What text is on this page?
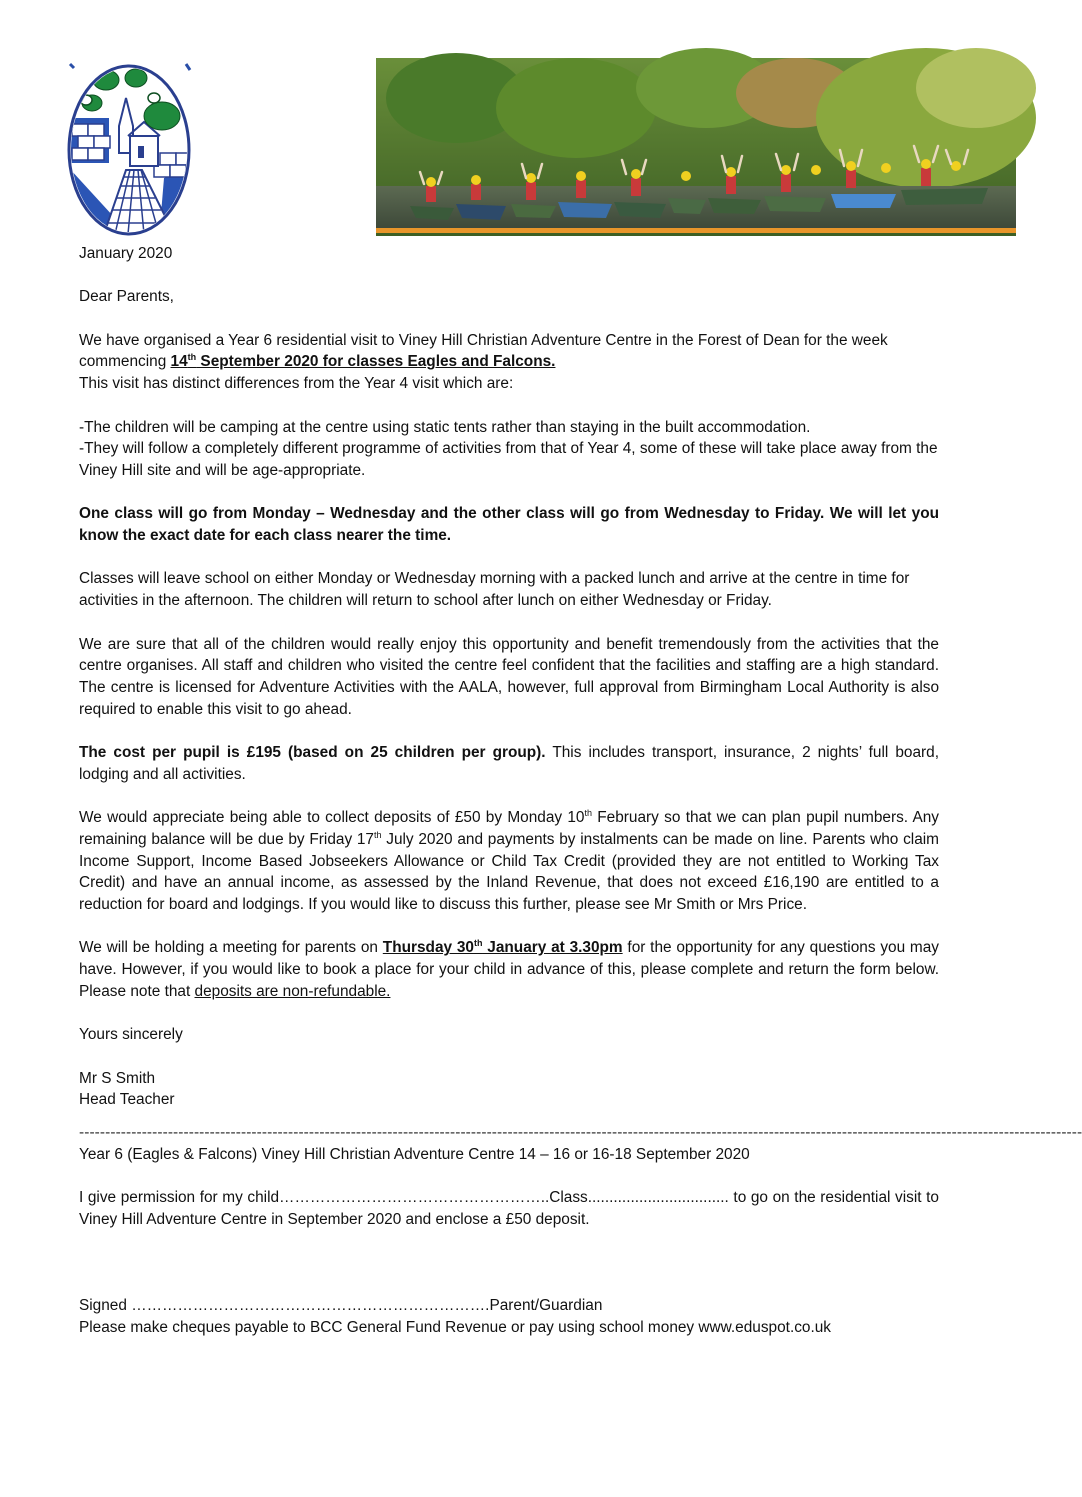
January 2020

Dear Parents,

We have organised a Year 6 residential visit to Viney Hill Christian Adventure Centre in the Forest of Dean for the week commencing 14th September 2020 for classes Eagles and Falcons.
This visit has distinct differences from the Year 4 visit which are:

-The children will be camping at the centre using static tents rather than staying in the built accommodation.
-They will follow a completely different programme of activities from that of Year 4, some of these will take place away from the Viney Hill site and will be age-appropriate.

One class will go from Monday – Wednesday and the other class will go from Wednesday to Friday. We will let you know the exact date for each class nearer the time.

Classes will leave school on either Monday or Wednesday morning with a packed lunch and arrive at the centre in time for activities in the afternoon. The children will return to school after lunch on either Wednesday or Friday.

We are sure that all of the children would really enjoy this opportunity and benefit tremendously from the activities that the centre organises. All staff and children who visited the centre feel confident that the facilities and staffing are a high standard. The centre is licensed for Adventure Activities with the AALA, however, full approval from Birmingham Local Authority is also required to enable this visit to go ahead.

The cost per pupil is £195 (based on 25 children per group). This includes transport, insurance, 2 nights’ full board, lodging and all activities.

We would appreciate being able to collect deposits of £50 by Monday 10th February so that we can plan pupil numbers. Any remaining balance will be due by Friday 17th July 2020 and payments by instalments can be made on line. Parents who claim Income Support, Income Based Jobseekers Allowance or Child Tax Credit (provided they are not entitled to Working Tax Credit) and have an annual income, as assessed by the Inland Revenue, that does not exceed £16,190 are entitled to a reduction for board and lodgings. If you would like to discuss this further, please see Mr Smith or Mrs Price.

We will be holding a meeting for parents on Thursday 30th January at 3.30pm for the opportunity for any questions you may have. However, if you would like to book a place for your child in advance of this, please complete and return the form below. Please note that deposits are non-refundable.

Yours sincerely

Mr S Smith

Head Teacher

------------------------------------------------------------------------------------------------------------------------------------------------------------------------------------------------

Year 6 (Eagles & Falcons) Viney Hill Christian Adventure Centre 14 – 16 or 16-18 September 2020

I give permission for my child……………………………………………..Class................................. to go on the residential visit to Viney Hill Adventure Centre in September 2020 and enclose a £50 deposit.

Signed …………………………………………………………….Parent/Guardian

Please make cheques payable to BCC General Fund Revenue or pay using school money www.eduspot.co.uk
